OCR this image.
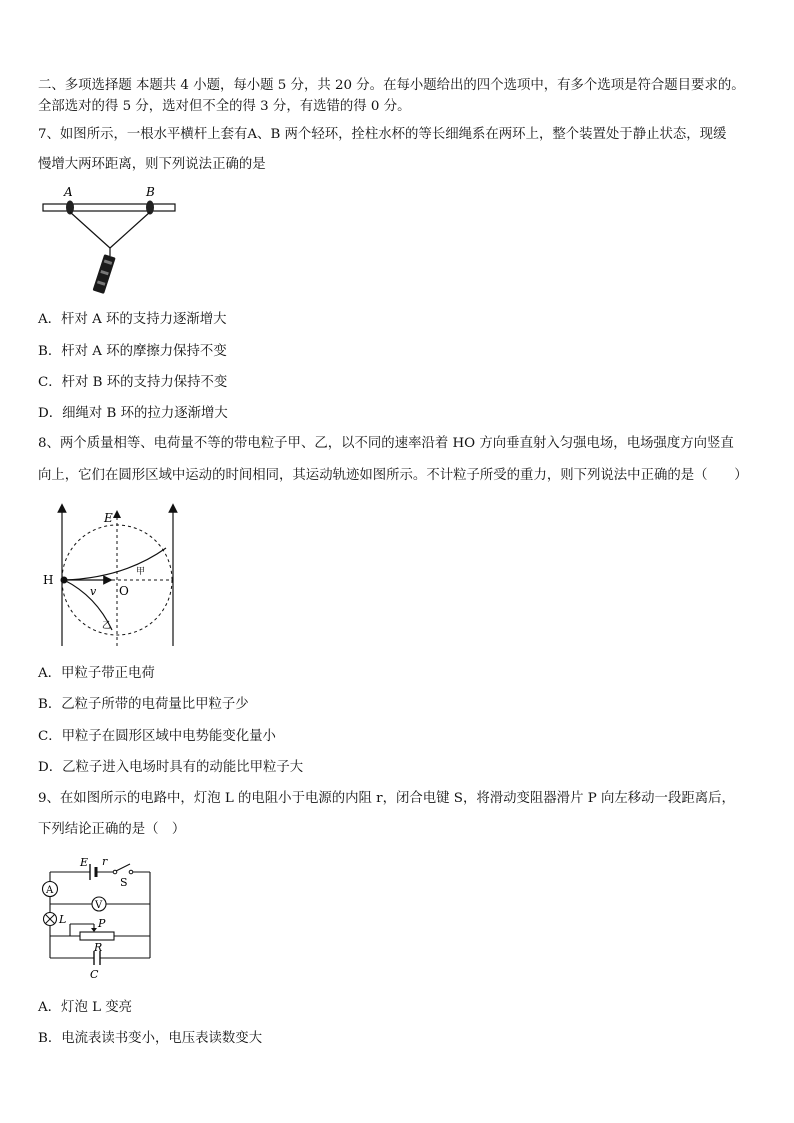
二、多项选择题 本题共 4 小题，每小题 5 分，共 20 分。在每小题给出的四个选项中，有多个选项是符合题目要求的。
全部选对的得 5 分，选对但不全的得 3 分，有选错的得 0 分。
7、如图所示，一根水平横杆上套有A、B 两个轻环，拴柱水杯的等长细绳系在两环上，整个装置处于静止状态，现缓
慢增大两环距离，则下列说法正确的是
A	B
A．杆对 A 环的支持力逐渐增大
B．杆对 A 环的摩擦力保持不变
C．杆对 B 环的支持力保持不变
D．细绳对 B 环的拉力逐渐增大
8、两个质量相等、电荷量不等的带电粒子甲、乙，以不同的速率沿着 HO 方向垂直射入匀强电场，电场强度方向竖直
向上，它们在圆形区域中运动的时间相同，其运动轨迹如图所示。不计粒子所受的重力，则下列说法中正确的是（　　）
E
H
v O
甲
乙
A．甲粒子带正电荷
B．乙粒子所带的电荷量比甲粒子少
C．甲粒子在圆形区域中电势能变化量小
D．乙粒子进入电场时具有的动能比甲粒子大
9、在如图所示的电路中，灯泡 L 的电阻小于电源的内阻 r，闭合电键 S，将滑动变阻器滑片 P 向左移动一段距离后，
下列结论正确的是（　）
E r
S
A
V
L	P
R
C
A．灯泡 L 变亮
B．电流表读书变小，电压表读数变大
